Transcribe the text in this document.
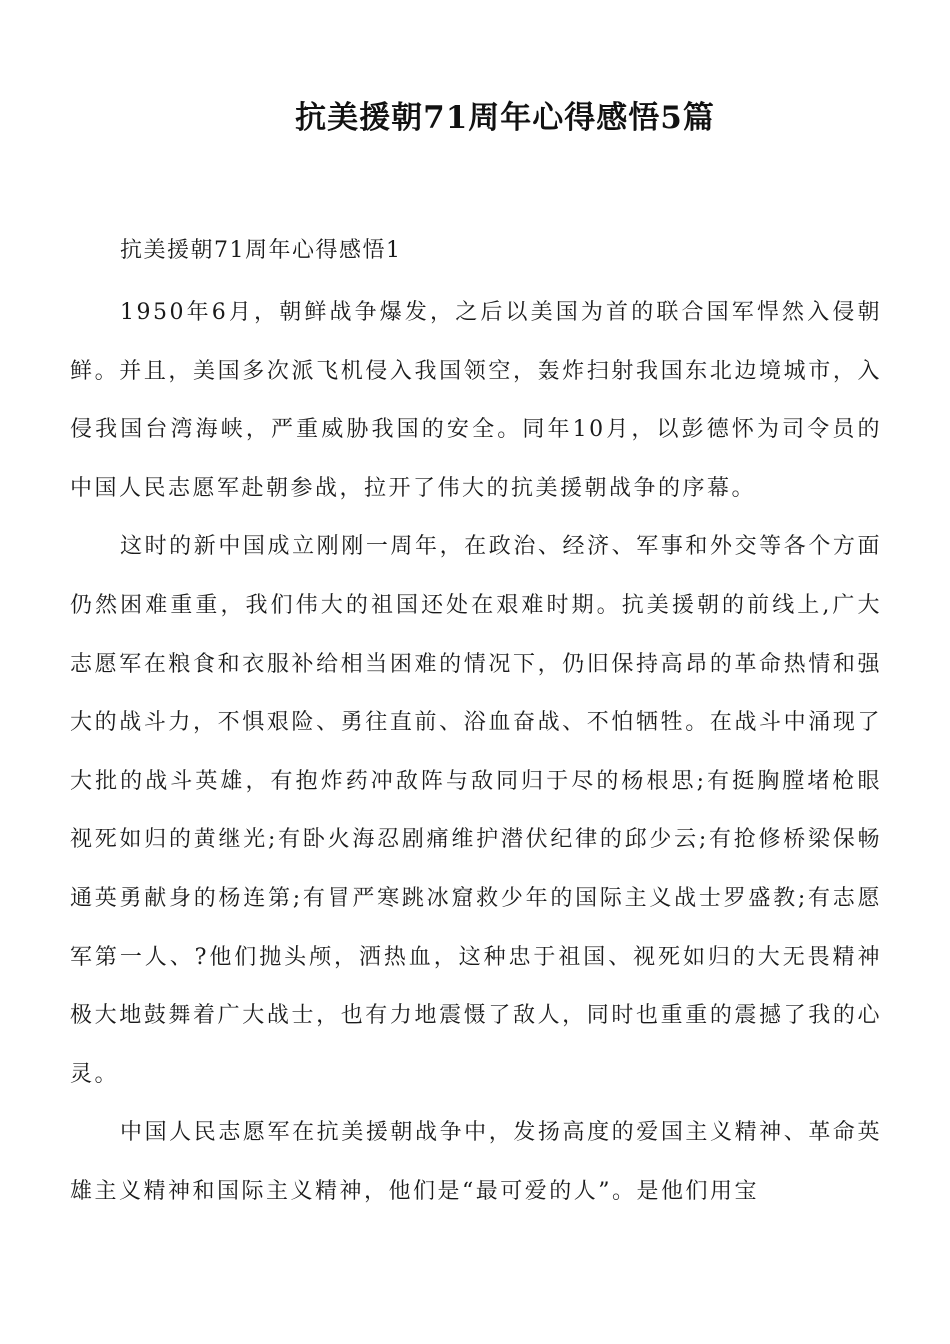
抗美援朝71周年心得感悟5篇

抗美援朝71周年心得感悟1

1950年6月，朝鲜战争爆发，之后以美国为首的联合国军悍然入侵朝鲜。并且，美国多次派飞机侵入我国领空，轰炸扫射我国东北边境城市，入侵我国台湾海峡，严重威胁我国的安全。同年10月，以彭德怀为司令员的中国人民志愿军赴朝参战，拉开了伟大的抗美援朝战争的序幕。

这时的新中国成立刚刚一周年，在政治、经济、军事和外交等各个方面仍然困难重重，我们伟大的祖国还处在艰难时期。抗美援朝的前线上,广大志愿军在粮食和衣服补给相当困难的情况下，仍旧保持高昂的革命热情和强大的战斗力，不惧艰险、勇往直前、浴血奋战、不怕牺牲。在战斗中涌现了大批的战斗英雄，有抱炸药冲敌阵与敌同归于尽的杨根思;有挺胸膛堵枪眼视死如归的黄继光;有卧火海忍剧痛维护潜伏纪律的邱少云;有抢修桥梁保畅通英勇献身的杨连第;有冒严寒跳冰窟救少年的国际主义战士罗盛教;有志愿军第一人、?他们抛头颅，洒热血，这种忠于祖国、视死如归的大无畏精神极大地鼓舞着广大战士，也有力地震慑了敌人，同时也重重的震撼了我的心灵。

中国人民志愿军在抗美援朝战争中，发扬高度的爱国主义精神、革命英雄主义精神和国际主义精神，他们是“最可爱的人”。是他们用宝
